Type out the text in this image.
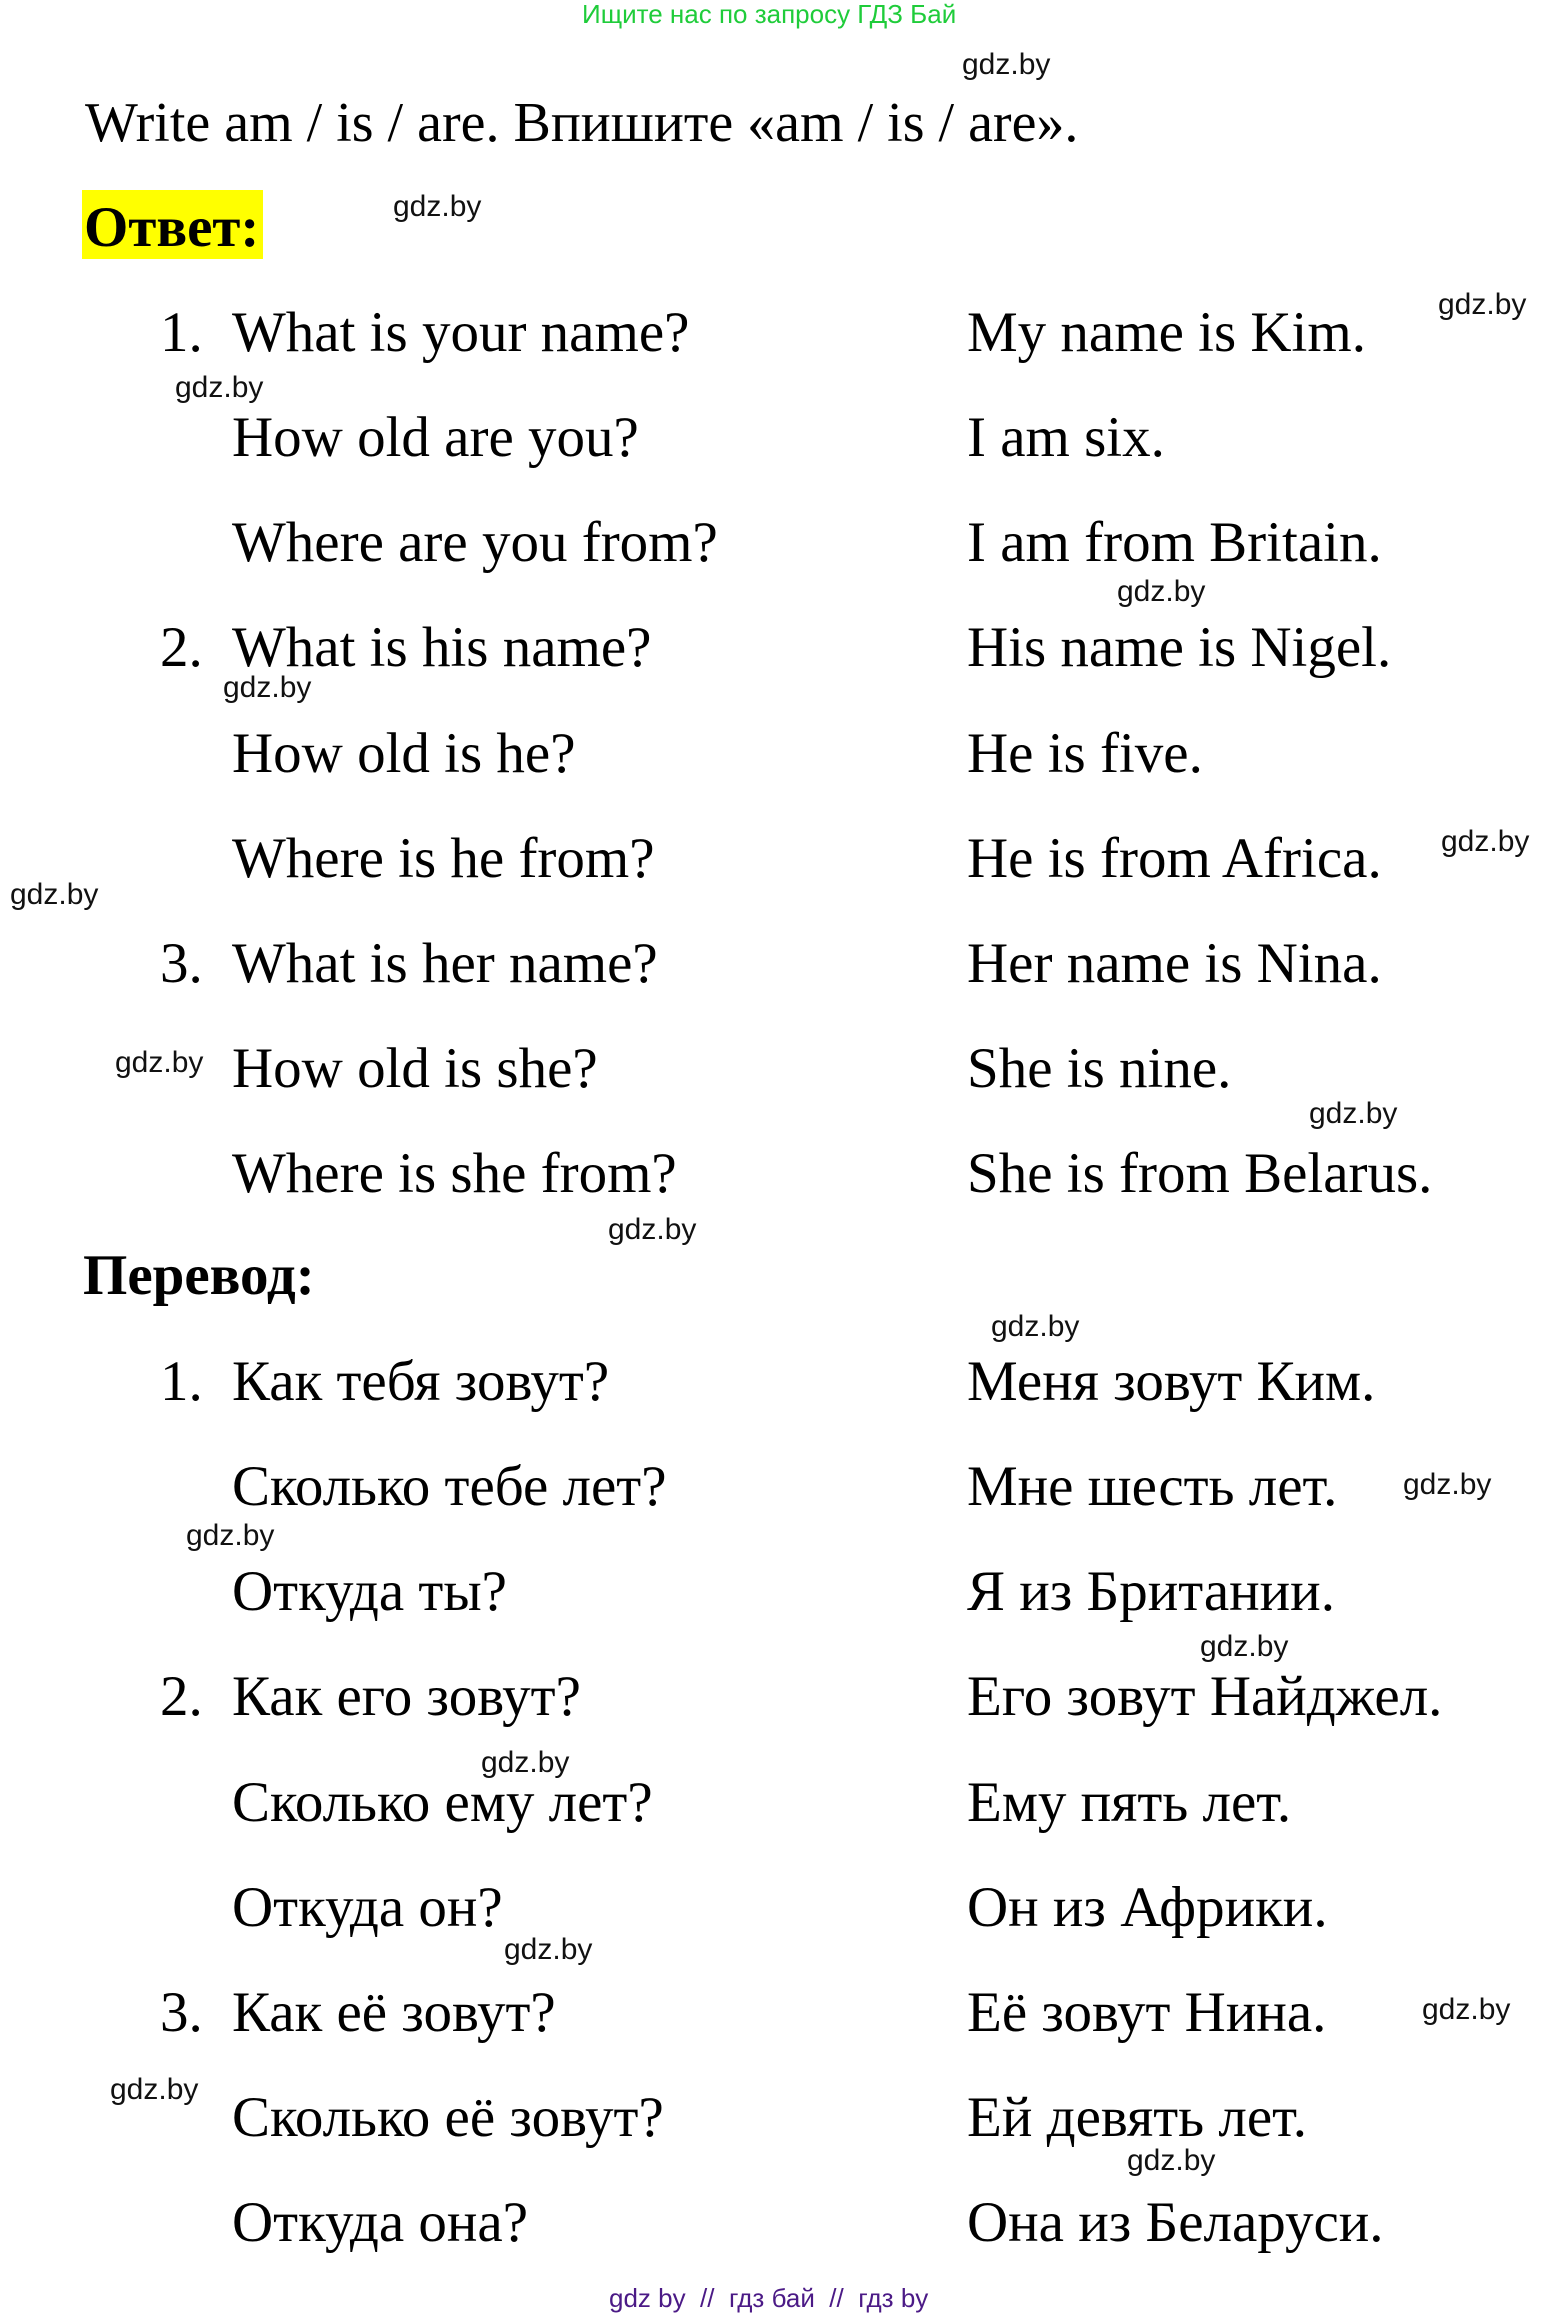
Ищите нас по запросу ГДЗ Бай
Write am / is / are. Впишите «am / is / are».
Ответ:
1. What is your name?	My name is Kim.
How old are you?	I am six.
Where are you from?	I am from Britain.
2. What is his name?	His name is Nigel.
How old is he?	He is five.
Where is he from?	He is from Africa.
3. What is her name?	Her name is Nina.
How old is she?	She is nine.
Where is she from?	She is from Belarus.
Перевод:
1. Как тебя зовут?	Меня зовут Ким.
Сколько тебе лет?	Мне шесть лет.
Откуда ты?	Я из Британии.
2. Как его зовут?	Его зовут Найджел.
Сколько ему лет?	Ему пять лет.
Откуда он?	Он из Африки.
3. Как её зовут?	Её зовут Нина.
Сколько её зовут?	Ей девять лет.
Откуда она?	Она из Беларуси.
gdz.by
gdz.by
gdz.by
gdz.by
gdz.by
gdz.by
gdz.by
gdz.by
gdz.by
gdz.by
gdz.by
gdz.by
gdz.by
gdz.by
gdz.by
gdz.by
gdz.by
gdz.by
gdz.by
gdz.by
gdz by  //  гдз бай  //  гдз by
